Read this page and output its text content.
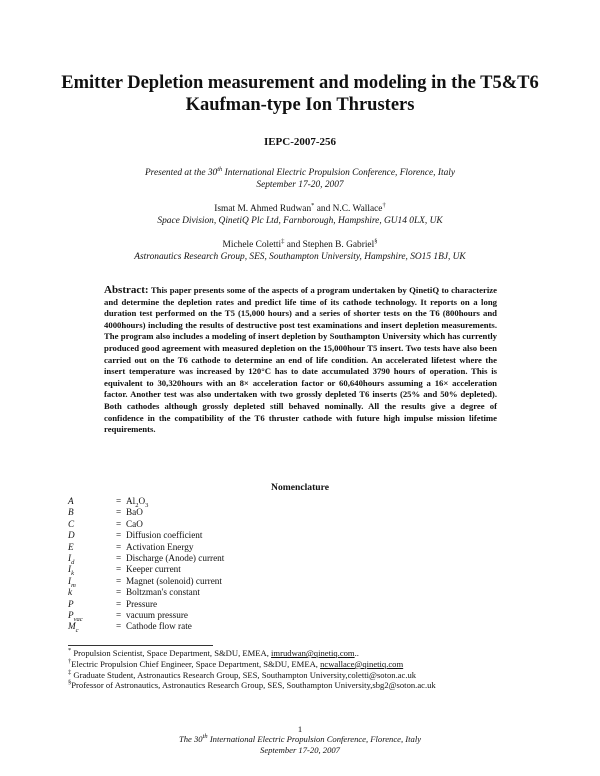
Emitter Depletion measurement and modeling in the T5&T6
Kaufman-type Ion Thrusters
IEPC-2007-256
Presented at the 30th International Electric Propulsion Conference, Florence, Italy
September 17-20, 2007
Ismat M. Ahmed Rudwan* and N.C. Wallace†
Space Division, QinetiQ Plc Ltd, Farnborough, Hampshire, GU14 0LX, UK
Michele Coletti‡ and Stephen B. Gabriel§
Astronautics Research Group, SES, Southampton University, Hampshire, SO15 1BJ, UK
Abstract: This paper presents some of the aspects of a program undertaken by QinetiQ to characterize and determine the depletion rates and predict life time of its cathode technology. It reports on a long duration test performed on the T5 (15,000 hours) and a series of shorter tests on the T6 (800hours and 4000hours) including the results of destructive post test examinations and insert depletion measurements. The program also includes a modeling of insert depletion by Southampton University which has currently produced good agreement with measured depletion on the 15,000hour T5 insert. Two tests have also been carried out on the T6 cathode to determine an end of life condition. An accelerated lifetest where the insert temperature was increased by 120°C has to date accumulated 3790 hours of operation. This is equivalent to 30,320hours with an 8× acceleration factor or 60,640hours assuming a 16× acceleration factor. Another test was also undertaken with two grossly depleted T6 inserts (25% and 50% depleted). Both cathodes although grossly depleted still behaved nominally. All the results give a degree of confidence in the compatibility of the T6 thruster cathode with future high impulse mission lifetime requirements.
Nomenclature
A	= $Al_2O_3$
B	= BaO
C	= CaO
D	= Diffusion coefficient
E	= Activation Energy
$I_d$	= Discharge (Anode) current
$I_k$	= Keeper current
$I_m$	= Magnet (solenoid) current
k	= Boltzman's constant
P	= Pressure
$P_{vac}$	= vacuum pressure
$M_c$	= Cathode flow rate
* Propulsion Scientist, Space Department, S&DU, EMEA, imrudwan@qinetiq.com..
†Electric Propulsion Chief Engineer, Space Department, S&DU, EMEA, ncwallace@qinetiq.com
‡ Graduate Student, Astronautics Research Group, SES, Southampton University,coletti@soton.ac.uk
§Professor of Astronautics, Astronautics Research Group, SES, Southampton University,sbg2@soton.ac.uk
1
The 30th International Electric Propulsion Conference, Florence, Italy
September 17-20, 2007
